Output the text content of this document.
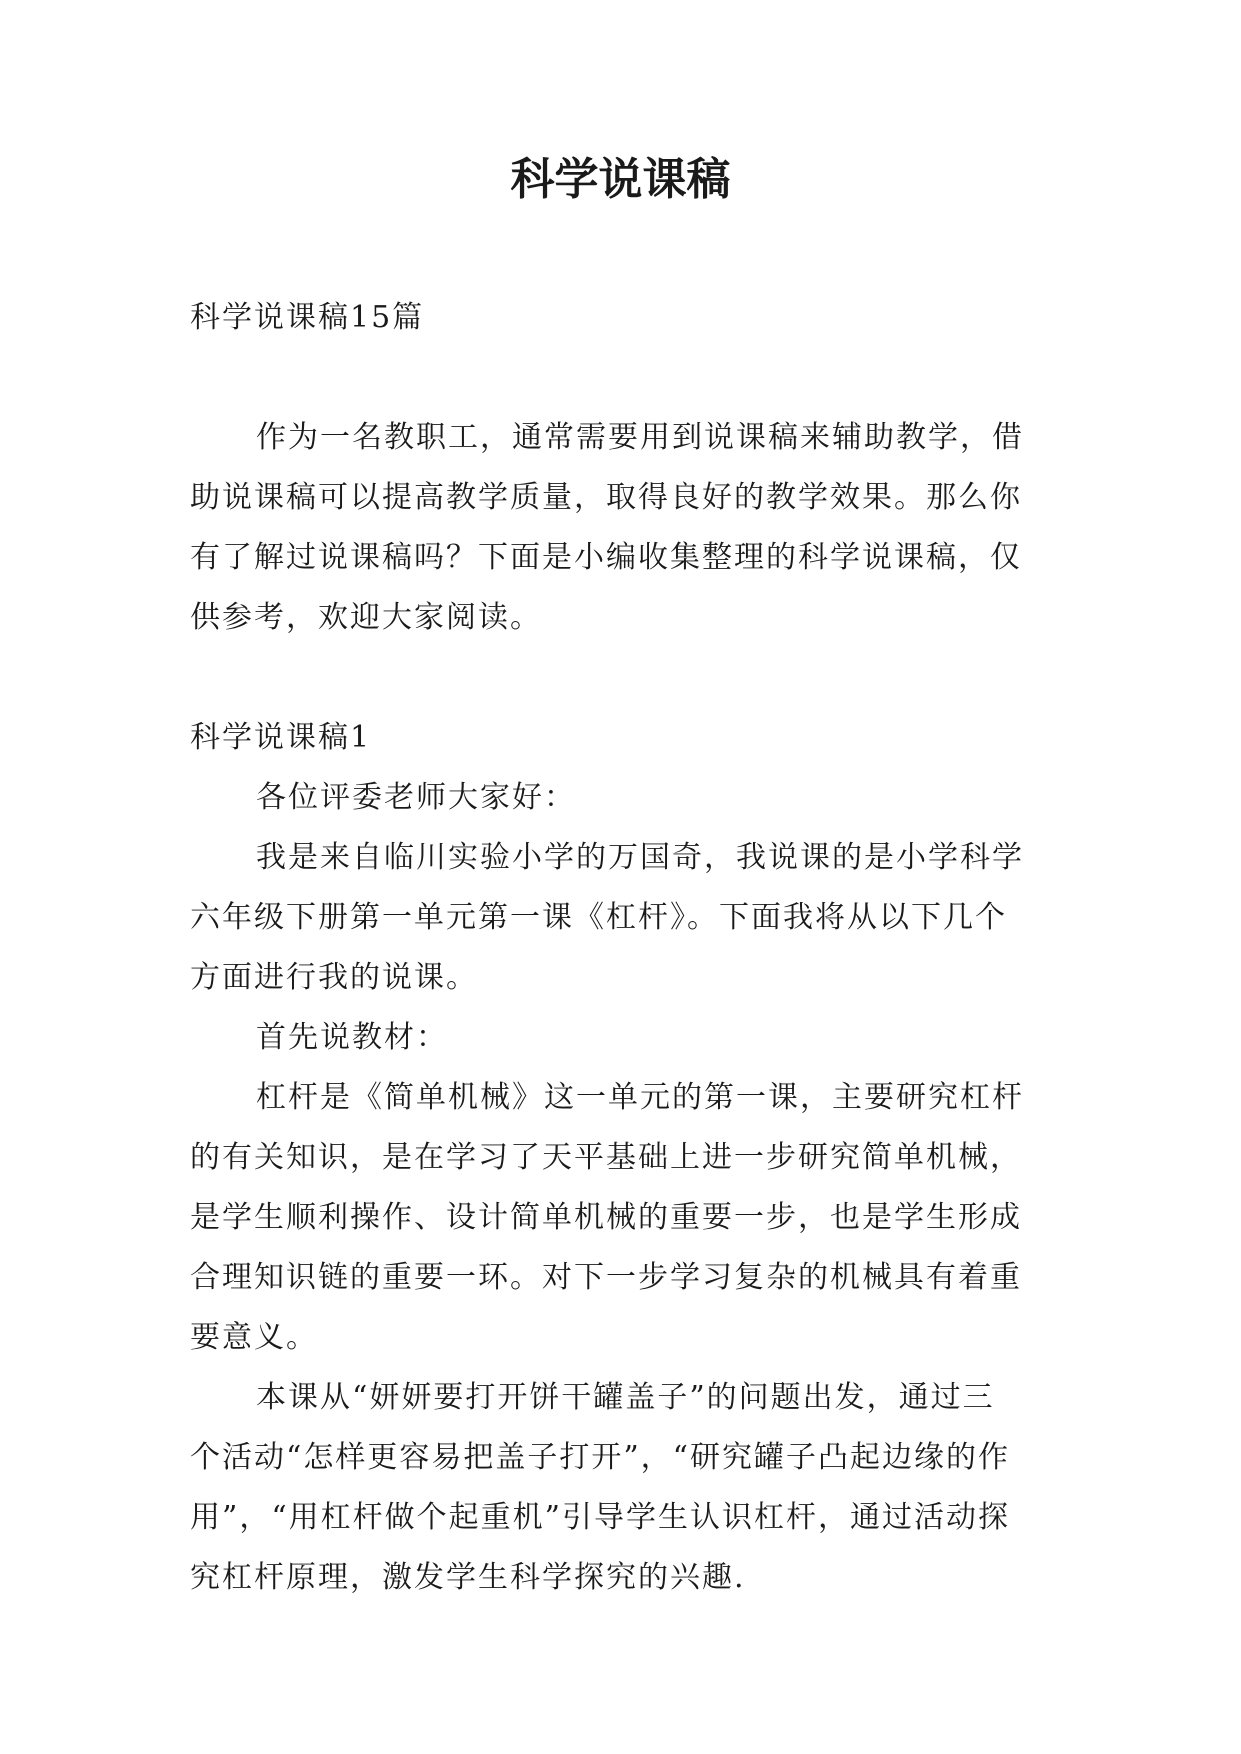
科学说课稿
科学说课稿15篇
作为一名教职工，通常需要用到说课稿来辅助教学，借
助说课稿可以提高教学质量，取得良好的教学效果。那么你
有了解过说课稿吗？下面是小编收集整理的科学说课稿，仅
供参考，欢迎大家阅读。
科学说课稿1
各位评委老师大家好：
我是来自临川实验小学的万国奇，我说课的是小学科学
六年级下册第一单元第一课《杠杆》。下面我将从以下几个
方面进行我的说课。
首先说教材：
杠杆是《简单机械》这一单元的第一课，主要研究杠杆
的有关知识，是在学习了天平基础上进一步研究简单机械，
是学生顺利操作、设计简单机械的重要一步，也是学生形成
合理知识链的重要一环。对下一步学习复杂的机械具有着重
要意义。
本课从“妍妍要打开饼干罐盖子”的问题出发，通过三
个活动“怎样更容易把盖子打开”，“研究罐子凸起边缘的作
用”，“用杠杆做个起重机”引导学生认识杠杆，通过活动探
究杠杆原理，激发学生科学探究的兴趣.
